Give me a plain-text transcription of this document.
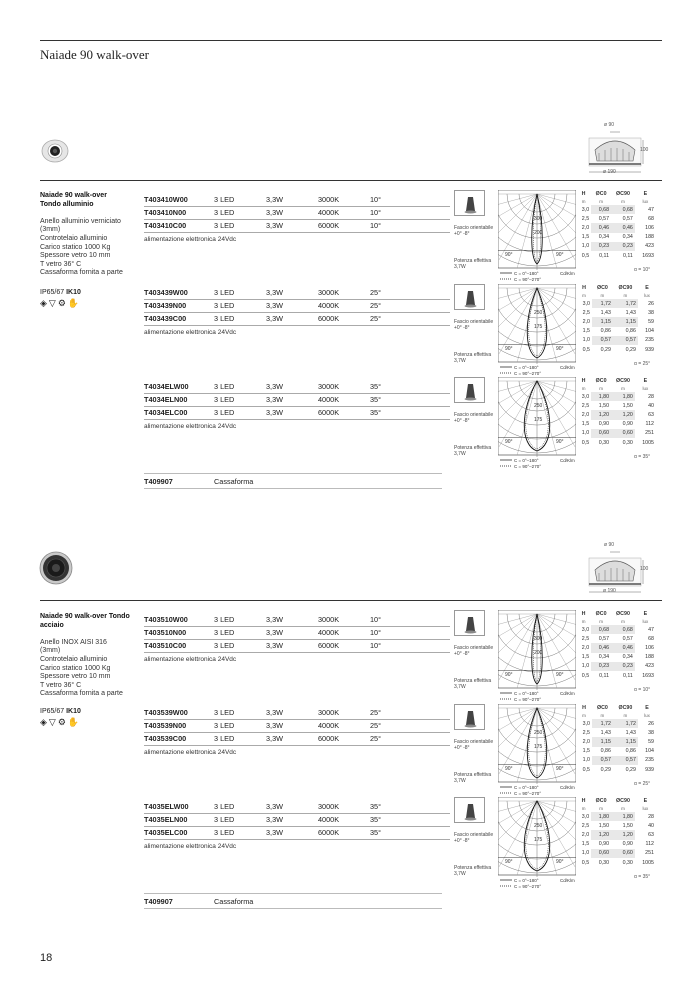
Naiade 90 walk-over
ø 90
100
ø 190
Naiade 90 walk-over
Tondo alluminio

Anello alluminio verniciato
(3mm)
Controtelaio alluminio
Carico statico 1000 Kg
Spessore vetro 10 mm
T vetro 36° C
Cassaforma fornita a parte
IP65/67 IK10
◈▽⚙✋
T403410W00	3 LED	3,3W	3000K	10°
T403410N00	3 LED	3,3W	4000K	10°
T403410C00	3 LED	3,3W	6000K	10°
alimentazione elettronica 24Vdc
T403439W00	3 LED	3,3W	3000K	25°
T403439N00	3 LED	3,3W	4000K	25°
T403439C00	3 LED	3,3W	6000K	25°
alimentazione elettronica 24Vdc
T4034ELW00	3 LED	3,3W	3000K	35°
T4034ELN00	3 LED	3,3W	4000K	35°
T4034ELC00	3 LED	3,3W	6000K	35°
alimentazione elettronica 24Vdc
T409907	Cassaforma
ø 90
100
ø 190
Naiade 90 walk-over Tondo
acciaio

Anello INOX AISI 316
(3mm)
Controtelaio alluminio
Carico statico 1000 Kg
Spessore vetro 10 mm
T vetro 36° C
Cassaforma fornita a parte
IP65/67 IK10
◈▽⚙✋
T403510W00	3 LED	3,3W	3000K	10°
T403510N00	3 LED	3,3W	4000K	10°
T403510C00	3 LED	3,3W	6000K	10°
alimentazione elettronica 24Vdc
T403539W00	3 LED	3,3W	3000K	25°
T403539N00	3 LED	3,3W	4000K	25°
T403539C00	3 LED	3,3W	6000K	25°
alimentazione elettronica 24Vdc
T4035ELW00	3 LED	3,3W	3000K	35°
T4035ELN00	3 LED	3,3W	4000K	35°
T4035ELC00	3 LED	3,3W	6000K	35°
alimentazione elettronica 24Vdc
T409907	Cassaforma
Fascio orientabile +0° -8°
Potenza effettiva 3,7W
300
200
90°	90°
C = 0°–180°
C = 90°–270°
Cd/Klm
H	ØC0	ØC90	E
m	m	m	lux
3,0	0,68	0,68	47
2,5	0,57	0,57	68
2,0	0,46	0,46	106
1,5	0,34	0,34	188
1,0	0,23	0,23	423
0,5	0,11	0,11	1693
α = 10°
Fascio orientabile +0° -8°
Potenza effettiva 3,7W
250
175
90°	90°
C = 0°–180°
C = 90°–270°
Cd/Klm
H	ØC0	ØC90	E
m	m	m	lux
3,0	1,72	1,72	26
2,5	1,43	1,43	38
2,0	1,15	1,15	59
1,5	0,86	0,86	104
1,0	0,57	0,57	235
0,5	0,29	0,29	939
α = 25°
Fascio orientabile +0° -8°
Potenza effettiva 3,7W
250
175
90°	90°
C = 0°–180°
C = 90°–270°
Cd/Klm
H	ØC0	ØC90	E
m	m	m	lux
3,0	1,80	1,80	28
2,5	1,50	1,50	40
2,0	1,20	1,20	63
1,5	0,90	0,90	112
1,0	0,60	0,60	251
0,5	0,30	0,30	1005
α = 35°
Fascio orientabile +0° -8°
Potenza effettiva 3,7W
300
200
90°	90°
C = 0°–180°
C = 90°–270°
Cd/Klm
H	ØC0	ØC90	E
m	m	m	lux
3,0	0,68	0,68	47
2,5	0,57	0,57	68
2,0	0,46	0,46	106
1,5	0,34	0,34	188
1,0	0,23	0,23	423
0,5	0,11	0,11	1693
α = 10°
Fascio orientabile +0° -8°
Potenza effettiva 3,7W
250
175
90°	90°
C = 0°–180°
C = 90°–270°
Cd/Klm
H	ØC0	ØC90	E
m	m	m	lux
3,0	1,72	1,72	26
2,5	1,43	1,43	38
2,0	1,15	1,15	59
1,5	0,86	0,86	104
1,0	0,57	0,57	235
0,5	0,29	0,29	939
α = 25°
Fascio orientabile +0° -8°
Potenza effettiva 3,7W
250
175
90°	90°
C = 0°–180°
C = 90°–270°
Cd/Klm
H	ØC0	ØC90	E
m	m	m	lux
3,0	1,80	1,80	28
2,5	1,50	1,50	40
2,0	1,20	1,20	63
1,5	0,90	0,90	112
1,0	0,60	0,60	251
0,5	0,30	0,30	1005
α = 35°
18
